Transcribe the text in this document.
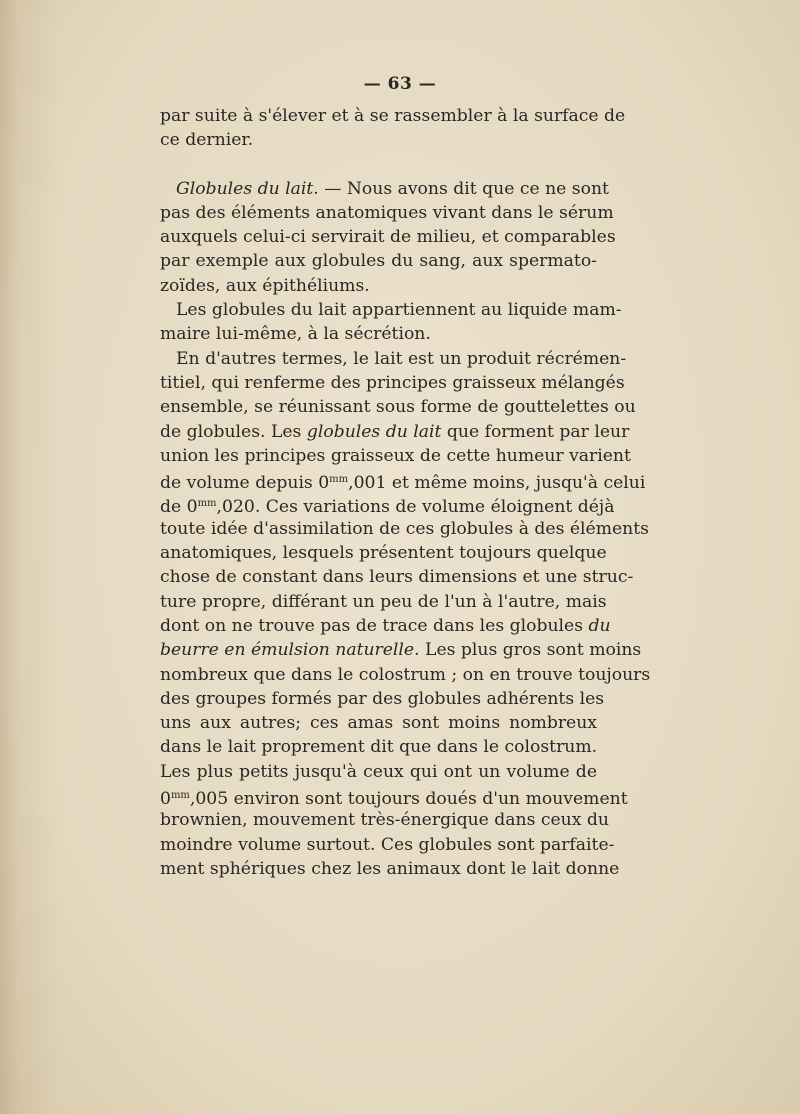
— 63 —
par suite à s'élever et à se rassembler à la surface de
ce dernier.
Globules du lait. — Nous avons dit que ce ne sont
pas des éléments anatomiques vivant dans le sérum
auxquels celui-ci servirait de milieu, et comparables
par exemple aux globules du sang, aux spermato-
zoïdes, aux épithéliums.
Les globules du lait appartiennent au liquide mam-
maire lui-même, à la sécrétion.
En d'autres termes, le lait est un produit récrémen-
titiel, qui renferme des principes graisseux mélangés
ensemble, se réunissant sous forme de gouttelettes ou
de globules. Les globules du lait que forment par leur
union les principes graisseux de cette humeur varient
de volume depuis $0^{mm},001$ et même moins, jusqu'à celui
de $0^{mm},020$. Ces variations de volume éloignent déjà
toute idée d'assimilation de ces globules à des éléments
anatomiques, lesquels présentent toujours quelque
chose de constant dans leurs dimensions et une struc-
ture propre, différant un peu de l'un à l'autre, mais
dont on ne trouve pas de trace dans les globules du
beurre en émulsion naturelle. Les plus gros sont moins
nombreux que dans le colostrum ; on en trouve toujours
des groupes formés par des globules adhérents les
uns aux autres; ces amas sont moins nombreux
dans le lait proprement dit que dans le colostrum.
Les plus petits jusqu'à ceux qui ont un volume de
$0^{mm},005$ environ sont toujours doués d'un mouvement
brownien, mouvement très-énergique dans ceux du
moindre volume surtout. Ces globules sont parfaite-
ment sphériques chez les animaux dont le lait donne
